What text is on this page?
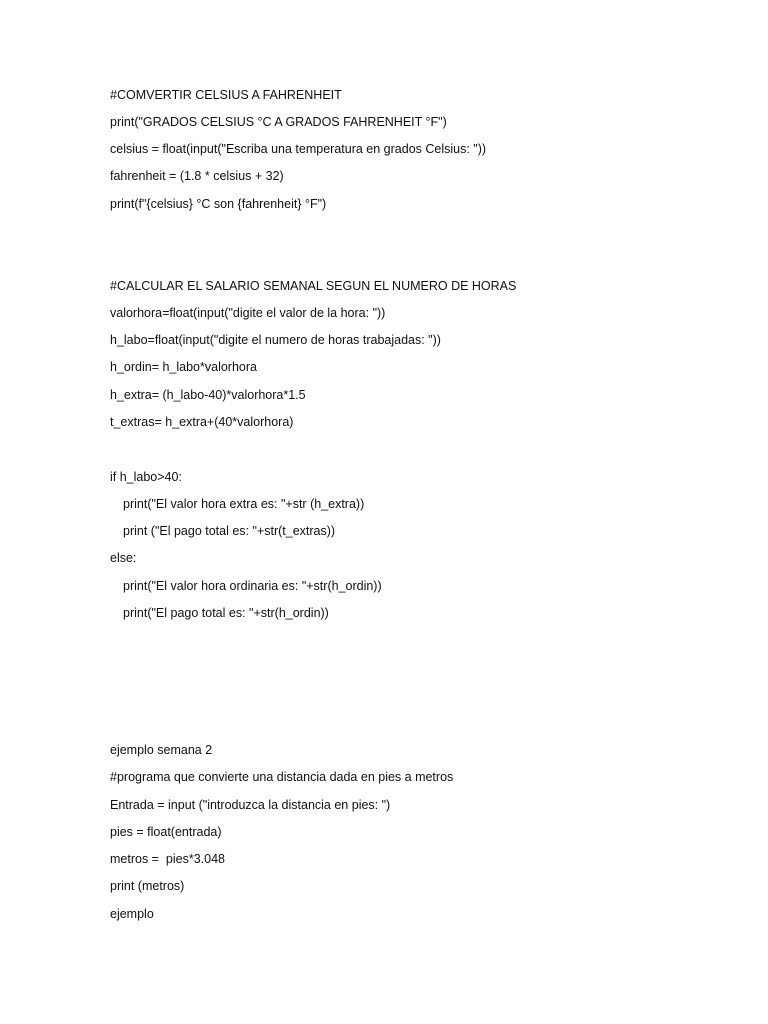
#COMVERTIR CELSIUS A FAHRENHEIT
print("GRADOS CELSIUS °C A GRADOS FAHRENHEIT °F")
celsius = float(input("Escriba una temperatura en grados Celsius: "))
fahrenheit = (1.8 * celsius + 32)
print(f"{celsius} °C son {fahrenheit} °F")
#CALCULAR EL SALARIO SEMANAL SEGUN EL NUMERO DE HORAS
valorhora=float(input("digite el valor de la hora: "))
h_labo=float(input("digite el numero de horas trabajadas: "))
h_ordin= h_labo*valorhora
h_extra= (h_labo-40)*valorhora*1.5
t_extras= h_extra+(40*valorhora)
if h_labo>40:
print("El valor hora extra es: "+str (h_extra))
print ("El pago total es: "+str(t_extras))
else:
print("El valor hora ordinaria es: "+str(h_ordin))
print("El pago total es: "+str(h_ordin))
ejemplo semana 2
#programa que convierte una distancia dada en pies a metros
Entrada = input ("introduzca la distancia en pies: ")
pies = float(entrada)
metros =  pies*3.048
print (metros)
ejemplo
